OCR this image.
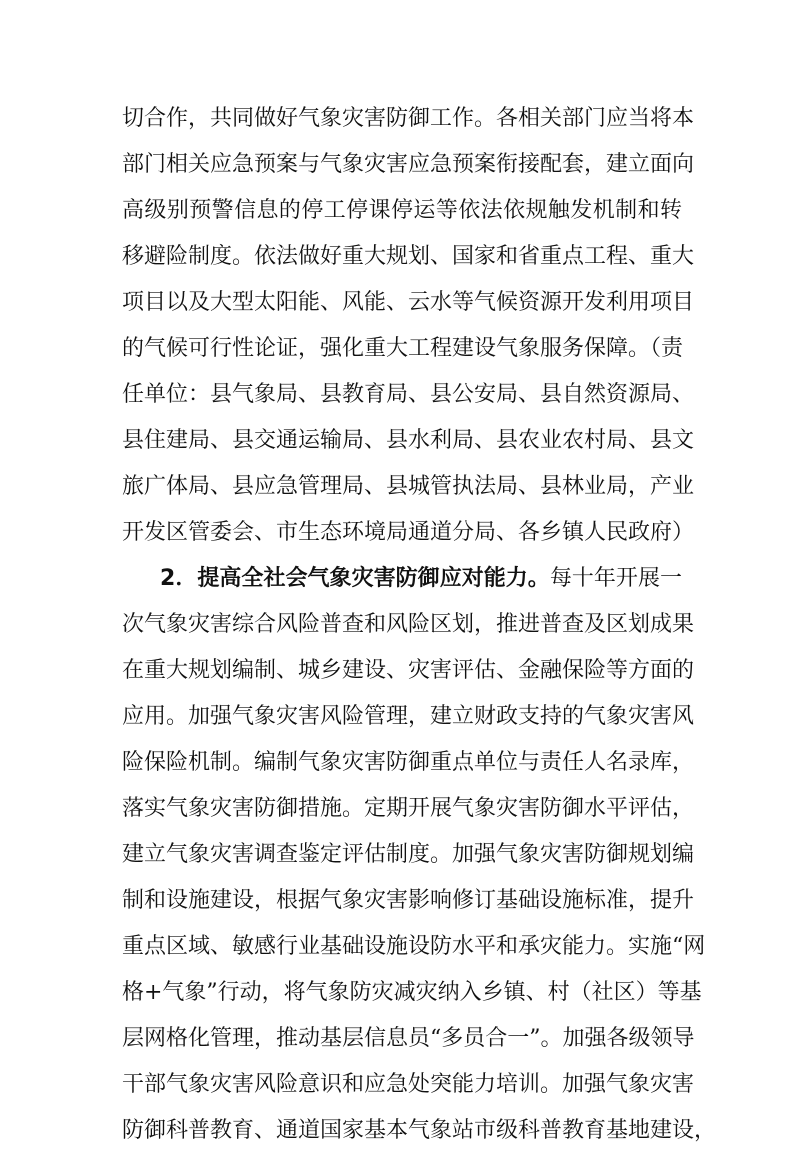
切合作，共同做好气象灾害防御工作。各相关部门应当将本
部门相关应急预案与气象灾害应急预案衔接配套，建立面向
高级别预警信息的停工停课停运等依法依规触发机制和转
移避险制度。依法做好重大规划、国家和省重点工程、重大
项目以及大型太阳能、风能、云水等气候资源开发利用项目
的气候可行性论证，强化重大工程建设气象服务保障。（责
任单位：县气象局、县教育局、县公安局、县自然资源局、
县住建局、县交通运输局、县水利局、县农业农村局、县文
旅广体局、县应急管理局、县城管执法局、县林业局，产业
开发区管委会、市生态环境局通道分局、各乡镇人民政府）
2．提高全社会气象灾害防御应对能力。每十年开展一
次气象灾害综合风险普查和风险区划，推进普查及区划成果
在重大规划编制、城乡建设、灾害评估、金融保险等方面的
应用。加强气象灾害风险管理，建立财政支持的气象灾害风
险保险机制。编制气象灾害防御重点单位与责任人名录库，
落实气象灾害防御措施。定期开展气象灾害防御水平评估，
建立气象灾害调查鉴定评估制度。加强气象灾害防御规划编
制和设施建设，根据气象灾害影响修订基础设施标准，提升
重点区域、敏感行业基础设施设防水平和承灾能力。实施“网
格+气象”行动，将气象防灾减灾纳入乡镇、村（社区）等基
层网格化管理，推动基层信息员“多员合一”。加强各级领导
干部气象灾害风险意识和应急处突能力培训。加强气象灾害
防御科普教育、通道国家基本气象站市级科普教育基地建设，
